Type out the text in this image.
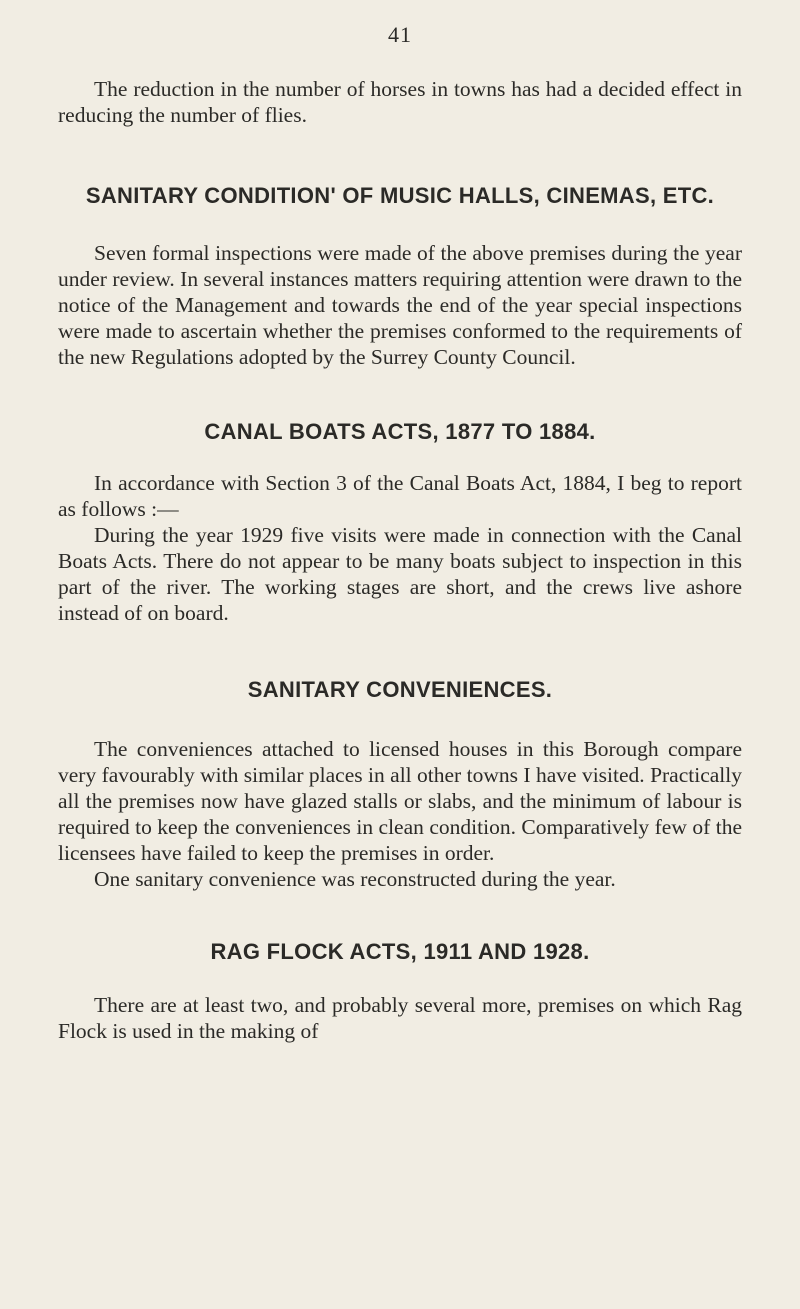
41

The reduction in the number of horses in towns has had a decided effect in reducing the number of flies.

SANITARY CONDITION' OF MUSIC HALLS, CINEMAS, ETC.

Seven formal inspections were made of the above premises during the year under review. In several instances matters requiring attention were drawn to the notice of the Management and towards the end of the year special inspections were made to ascertain whether the premises conformed to the requirements of the new Regulations adopted by the Surrey County Council.

CANAL BOATS ACTS, 1877 TO 1884.

In accordance with Section 3 of the Canal Boats Act, 1884, I beg to report as follows :—

During the year 1929 five visits were made in connection with the Canal Boats Acts. There do not appear to be many boats subject to inspection in this part of the river. The working stages are short, and the crews live ashore instead of on board.

SANITARY CONVENIENCES.

The conveniences attached to licensed houses in this Borough compare very favourably with similar places in all other towns I have visited. Practically all the premises now have glazed stalls or slabs, and the minimum of labour is required to keep the conveniences in clean condition. Comparatively few of the licensees have failed to keep the premises in order.

One sanitary convenience was reconstructed during the year.

RAG FLOCK ACTS, 1911 AND 1928.

There are at least two, and probably several more, premises on which Rag Flock is used in the making of
